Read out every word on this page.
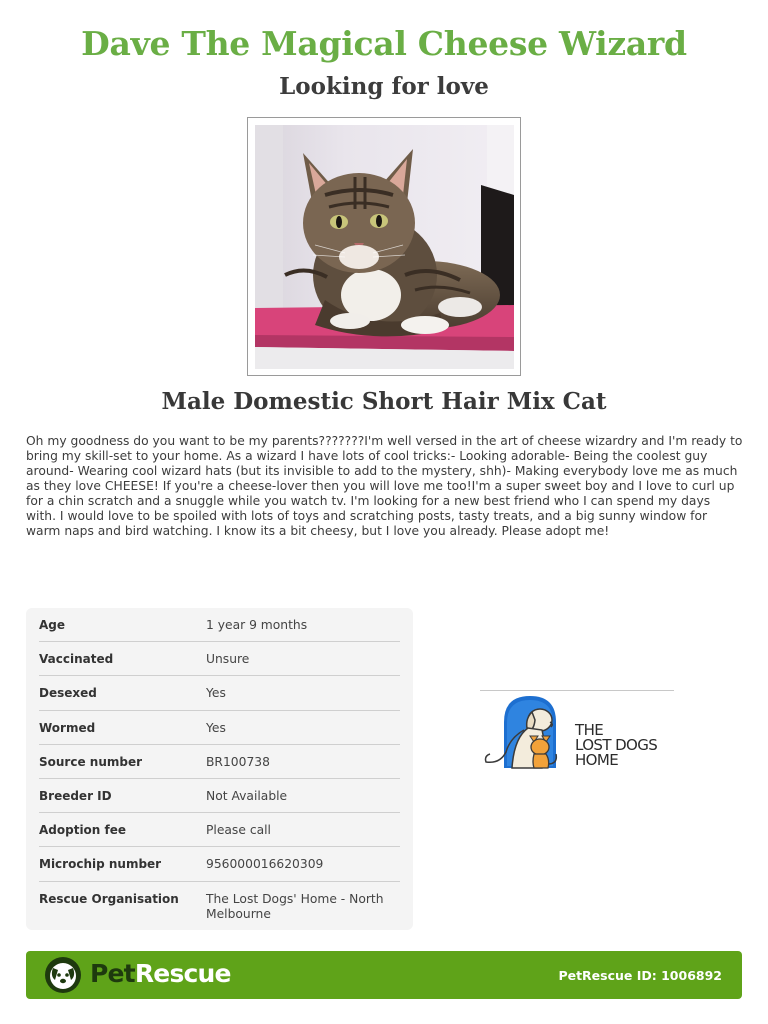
Dave The Magical Cheese Wizard
Looking for love
Male Domestic Short Hair Mix Cat

Oh my goodness do you want to be my parents???????I'm well versed in the art of cheese wizardry and I'm ready to bring my skill-set to your home. As a wizard I have lots of cool tricks:- Looking adorable- Being the coolest guy around- Wearing cool wizard hats (but its invisible to add to the mystery, shh)- Making everybody love me as much as they love CHEESE! If you're a cheese-lover then you will love me too!I'm a super sweet boy and I love to curl up for a chin scratch and a snuggle while you watch tv. I'm looking for a new best friend who I can spend my days with. I would love to be spoiled with lots of toys and scratching posts, tasty treats, and a big sunny window for warm naps and bird watching. I know its a bit cheesy, but I love you already. Please adopt me!

Age	1 year 9 months
Vaccinated	Unsure
Desexed	Yes
Wormed	Yes
Source number	BR100738
Breeder ID	Not Available
Adoption fee	Please call
Microchip number	956000016620309
Rescue Organisation	The Lost Dogs' Home - North Melbourne
THE
LOST DOGS
HOME
PetRescue	PetRescue ID: 1006892
